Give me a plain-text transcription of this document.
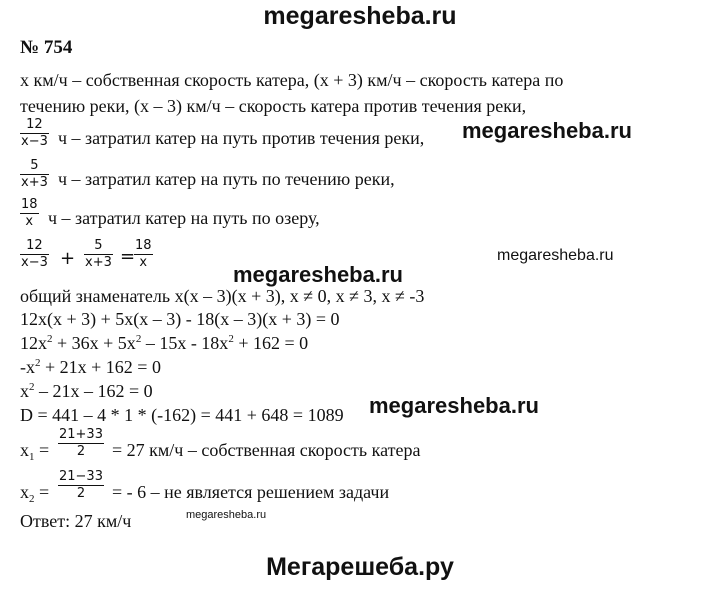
megaresheba.ru
№ 754
x км/ч – собственная скорость катера, (x + 3) км/ч – скорость катера по
течению реки, (x – 3) км/ч – скорость катера против течения реки,
12
x−3 ч – затратил катер на путь против течения реки, megaresheba.ru
5
x+3 ч – затратил катер на путь по течению реки,
18
x ч – затратил катер на путь по озеру,
12
x−3 +
5
x+3 =
18
x	megaresheba.ru
megaresheba.ru
общий знаменатель x(x – 3)(x + 3), x ≠ 0, x ≠ 3, x ≠ -3
12x(x + 3) + 5x(x – 3) - 18(x – 3)(x + 3) = 0
$12x^2 + 36x + 5x^2 - 15x - 18x^2 + 162 = 0$
$-x^2 + 21x + 162 = 0$
$x^2 - 21x - 162 = 0$
D = 441 – 4 * 1 * (-162) = 441 + 648 = 1089 megaresheba.ru
$x_1$ =
21+33
2 = 27 км/ч – собственная скорость катера
$x_2$ =
21−33
2 = - 6 – не является решением задачи
Ответ: 27 км/ч	megaresheba.ru
Мегарешеба.ру
